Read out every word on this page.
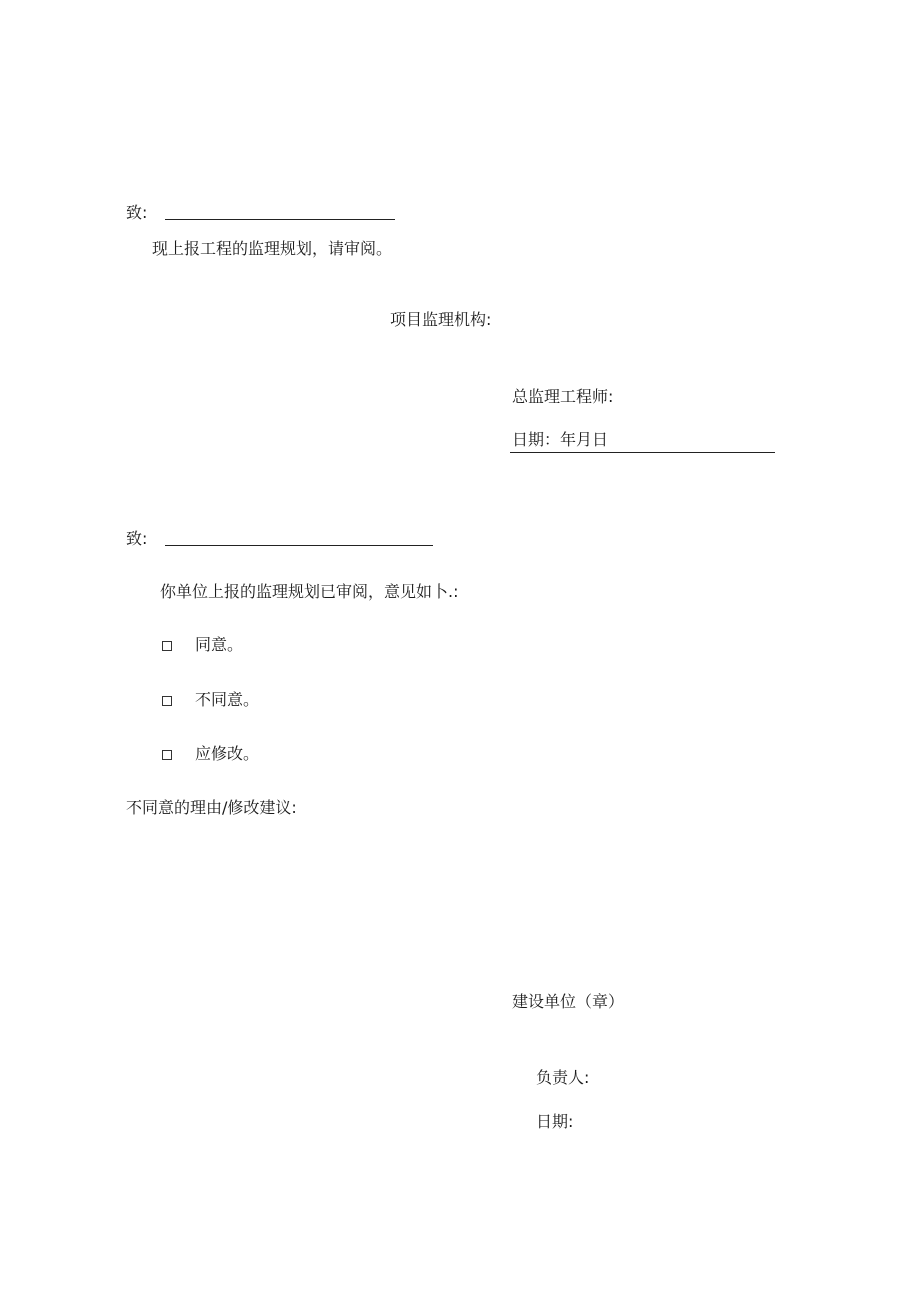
致:
现上报工程的监理规划，请审阅。
项目监理机构:
总监理工程师:
日期：年月日
致:
你单位上报的监理规划已审阅，意见如卜.:
同意。
不同意。
应修改。
不同意的理由/修改建议:
建设单位（章）
负责人:
日期:
